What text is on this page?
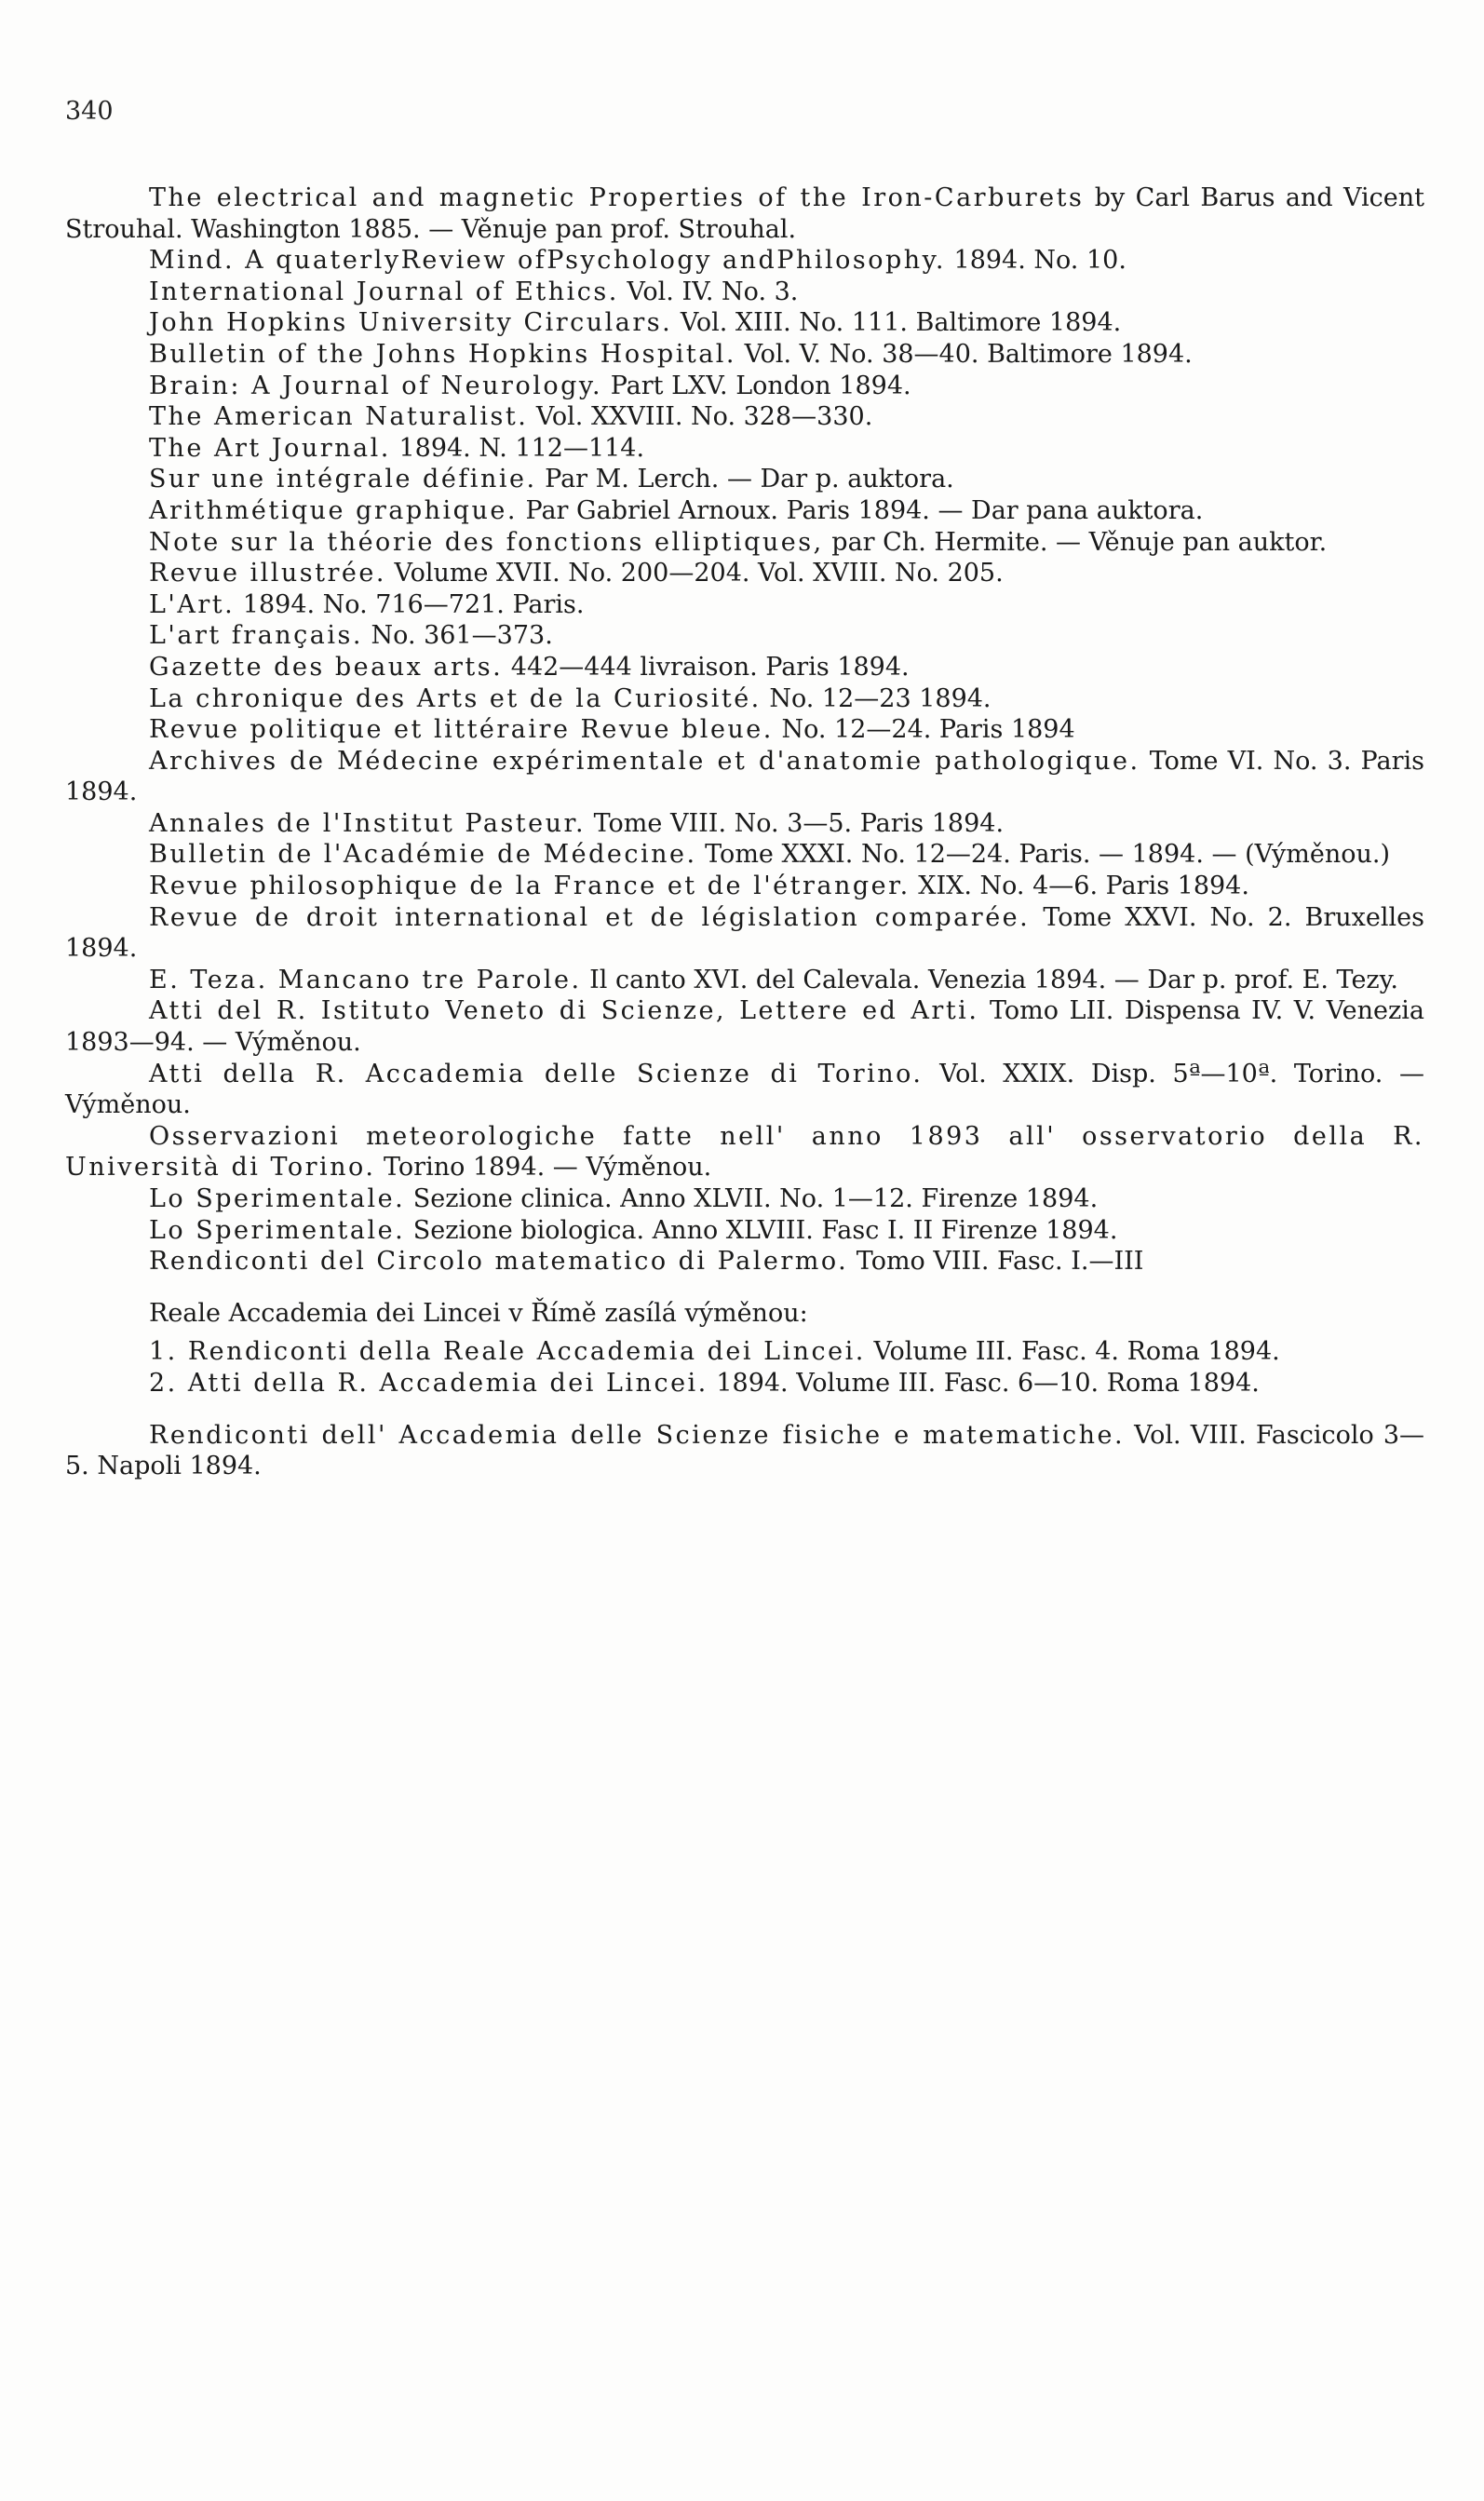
340

The electrical and magnetic Properties of the Iron-Carburets by Carl Barus and Vicent Strouhal. Washington 1885. — Věnuje pan prof. Strouhal.

Mind. A quaterlyReview ofPsychology andPhilosophy. 1894. No. 10.

International Journal of Ethics. Vol. IV. No. 3.

John Hopkins University Circulars. Vol. XIII. No. 111. Baltimore 1894.

Bulletin of the Johns Hopkins Hospital. Vol. V. No. 38—40. Baltimore 1894.

Brain: A Journal of Neurology. Part LXV. London 1894.

The American Naturalist. Vol. XXVIII. No. 328—330.

The Art Journal. 1894. N. 112—114.

Sur une intégrale définie. Par M. Lerch. — Dar p. auktora.

Arithmétique graphique. Par Gabriel Arnoux. Paris 1894. — Dar pana auktora.

Note sur la théorie des fonctions elliptiques, par Ch. Hermite. — Věnuje pan auktor.

Revue illustrée. Volume XVII. No. 200—204. Vol. XVIII. No. 205.

L'Art. 1894. No. 716—721. Paris.

L'art français. No. 361—373.

Gazette des beaux arts. 442—444 livraison. Paris 1894.

La chronique des Arts et de la Curiosité. No. 12—23 1894.

Revue politique et littéraire Revue bleue. No. 12—24. Paris 1894

Archives de Médecine expérimentale et d'anatomie pathologique. Tome VI. No. 3. Paris 1894.

Annales de l'Institut Pasteur. Tome VIII. No. 3—5. Paris 1894.

Bulletin de l'Académie de Médecine. Tome XXXI. No. 12—24. Paris. — 1894. — (Výměnou.)

Revue philosophique de la France et de l'étranger. XIX. No. 4—6. Paris 1894.

Revue de droit international et de législation comparée. Tome XXVI. No. 2. Bruxelles 1894.

E. Teza. Mancano tre Parole. Il canto XVI. del Calevala. Venezia 1894. — Dar p. prof. E. Tezy.

Atti del R. Istituto Veneto di Scienze, Lettere ed Arti. Tomo LII. Dispensa IV. V. Venezia 1893—94. — Výměnou.

Atti della R. Accademia delle Scienze di Torino. Vol. XXIX. Disp. 5ª—10ª. Torino. — Výměnou.

Osservazioni meteorologiche fatte nell' anno 1893 all' osservatorio della R. Università di Torino. Torino 1894. — Výměnou.

Lo Sperimentale. Sezione clinica. Anno XLVII. No. 1—12. Firenze 1894.

Lo Sperimentale. Sezione biologica. Anno XLVIII. Fasc I. II Firenze 1894.

Rendiconti del Circolo matematico di Palermo. Tomo VIII. Fasc. I.—III

Reale Accademia dei Lincei v Římě zasílá výměnou:

1. Rendiconti della Reale Accademia dei Lincei. Volume III. Fasc. 4. Roma 1894.

2. Atti della R. Accademia dei Lincei. 1894. Volume III. Fasc. 6—10. Roma 1894.

Rendiconti dell' Accademia delle Scienze fisiche e matematiche. Vol. VIII. Fascicolo 3—5. Napoli 1894.
